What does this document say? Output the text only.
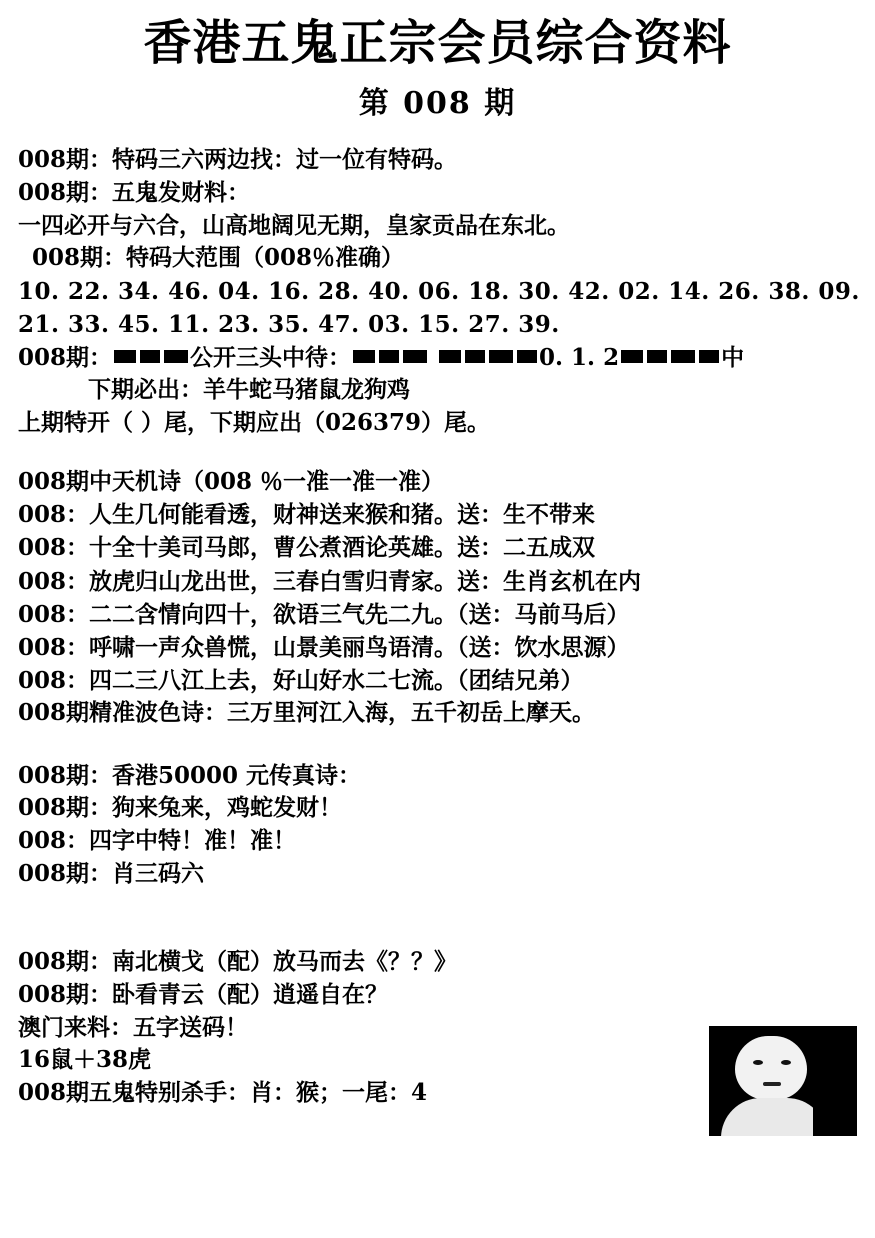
香港五鬼正宗会员综合资料
第 008 期
008期：特码三六两边找：过一位有特码。
008期：五鬼发财料：
一四必开与六合，山高地阔见无期，皇家贡品在东北。
008期：特码大范围（008％准确）
10. 22. 34. 46. 04. 16. 28. 40. 06. 18. 30. 42. 02. 14. 26. 38. 09.
21. 33. 45. 11. 23. 35. 47. 03. 15. 27. 39.
008期：	公开三头中待：	0. 1. 2	中
下期必出：羊牛蛇马猪鼠龙狗鸡
上期特开（ ）尾，下期应出（026379）尾。
008期中天机诗（008 ％一准一准一准）
008：人生几何能看透，财神送来猴和猪。送：生不带来
008：十全十美司马郎，曹公煮酒论英雄。送：二五成双
008：放虎归山龙出世，三春白雪归青家。送：生肖玄机在内
008：二二含情向四十，欲语三气先二九。（送：马前马后）
008：呼啸一声众兽慌，山景美丽鸟语清。（送：饮水思源）
008：四二三八江上去，好山好水二七流。（团结兄弟）
008期精准波色诗：三万里河江入海，五千初岳上摩天。
008期：香港50000 元传真诗：
008期：狗来兔来，鸡蛇发财！
008：四字中特！准！准！
008期：肖三码六
008期：南北横戈（配）放马而去《？？》
008期：卧看青云（配）逍遥自在？
澳门来料：五字送码！
16鼠＋38虎
008期五鬼特别杀手：肖：猴；一尾：4
